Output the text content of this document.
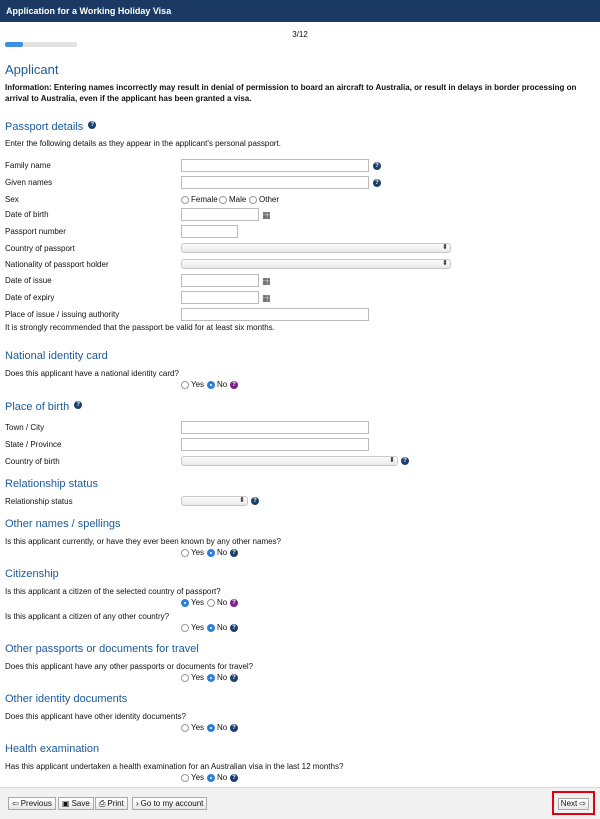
Application for a Working Holiday Visa
3/12
Applicant
Information: Entering names incorrectly may result in denial of permission to board an aircraft to Australia, or result in delays in border processing on arrival to Australia, even if the applicant has been granted a visa.
Passport details ?
Enter the following details as they appear in the applicant's personal passport.
Family name	?
Given names	?
Sex	Female Male Other
Date of birth	▦
Passport number
Country of passport	⬍
Nationality of passport holder	⬍
Date of issue	▦
Date of expiry	▦
Place of issue / issuing authority
It is strongly recommended that the passport be valid for at least six months.
National identity card
Does this applicant have a national identity card?
Yes No ?
Place of birth ?
Town / City
State / Province
Country of birth	⬍	?
Relationship status
Relationship status	⬍	?
Other names / spellings
Is this applicant currently, or have they ever been known by any other names?
Yes No ?
Citizenship
Is this applicant a citizen of the selected country of passport?
Yes No ?
Is this applicant a citizen of any other country?
Yes No ?
Other passports or documents for travel
Does this applicant have any other passports or documents for travel?
Yes No ?
Other identity documents
Does this applicant have other identity documents?
Yes No ?
Health examination
Has this applicant undertaken a health examination for an Australian visa in the last 12 months?
Yes No ?
⇦ Previous	▣ Save	⎙ Print	› Go to my account	Next ⇨
